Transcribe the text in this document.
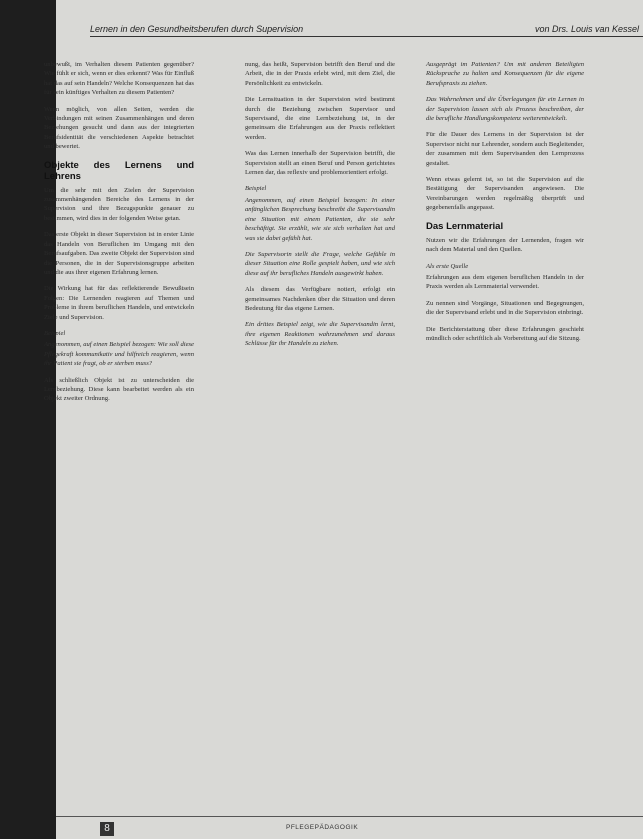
Lernen in den Gesundheitsberufen durch Supervision	von Drs. Louis van Kessel

unbewußt, im Verhalten diesem Patienten gegenüber? Wie fühlt er sich, wenn er dies erkennt? Was für Einfluß hat das auf sein Handeln? Welche Konsequenzen hat das für sein künftiges Verhalten zu diesem Patienten?

Wenn möglich, von allen Seiten, werden die Verbindungen mit seinen Zusammenhängen und deren Beziehungen gesucht und dann aus der integrierten Berufsidentität die verschiedenen Aspekte betrachtet und bewertet.

Objekte des Lernens und Lehrens

Um die sehr mit den Zielen der Supervision zusammenhängenden Bereiche des Lernens in der Supervision und ihre Bezugspunkte genauer zu bestimmen, wird dies in der folgenden Weise getan.

Das erste Objekt in dieser Supervision ist in erster Linie das Handeln von Beruflichen im Umgang mit den Berufsaufgaben. Das zweite Objekt der Supervision sind die Personen, die in der Supervisionsgruppe arbeiten und die aus ihrer eigenen Erfahrung lernen.

Die Wirkung hat für das reflektierende Bewußtsein Folgen: Die Lernenden reagieren auf Themen und Probleme in ihrem beruflichen Handeln, und entwickeln Ziele und Supervision.

Beispiel

Angenommen, auf einen Beispiel bezogen: Wie soll diese Pflegekraft kommunikativ und hilfreich reagieren, wenn ihr Patient sie fragt, ob er sterben muss?

Als schließlich Objekt ist zu unterscheiden die Lernbeziehung. Diese kann bearbeitet werden als ein Objekt zweiter Ordnung.

nung, das heißt, Supervision betrifft den Beruf und die Arbeit, die in der Praxis erlebt wird, mit dem Ziel, die Persönlichkeit zu entwickeln.

Die Lernsituation in der Supervision wird bestimmt durch die Beziehung zwischen Supervisor und Supervisand, die eine Lernbeziehung ist, in der gemeinsam die Erfahrungen aus der Praxis reflektiert werden.

Was das Lernen innerhalb der Supervision betrifft, die Supervision stellt an einen Beruf und Person gerichtetes Lernen dar, das reflexiv und problemorientiert erfolgt.

Beispiel

Angenommen, auf einen Beispiel bezogen: In einer anfänglichen Besprechung beschreibt die Supervisandin eine Situation mit einem Patienten, die sie sehr beschäftigt. Sie erzählt, wie sie sich verhalten hat und was sie dabei gefühlt hat.

Die Supervisorin stellt die Frage, welche Gefühle in dieser Situation eine Rolle gespielt haben, und wie sich diese auf ihr berufliches Handeln ausgewirkt haben.

Als diesem das Verfügbare notiert, erfolgt ein gemeinsames Nachdenken über die Situation und deren Bedeutung für das eigene Lernen.

Ein drittes Beispiel zeigt, wie die Supervisandin lernt, ihre eigenen Reaktionen wahrzunehmen und daraus Schlüsse für ihr Handeln zu ziehen.

Ausgeprägt im Patienten? Um mit anderen Beteiligten Rücksprache zu halten und Konsequenzen für die eigene Berufspraxis zu ziehen.

Das Wahrnehmen und die Überlegungen für ein Lernen in der Supervision lassen sich als Prozess beschreiben, der die berufliche Handlungskompetenz weiterentwickelt.

Für die Dauer des Lernens in der Supervision ist der Supervisor nicht nur Lehrender, sondern auch Begleitender, der zusammen mit dem Supervisanden den Lernprozess gestaltet.

Wenn etwas gelernt ist, so ist die Supervision auf die Bestätigung der Supervisanden angewiesen. Die Vereinbarungen werden regelmäßig überprüft und gegebenenfalls angepasst.

Das Lernmaterial

Nutzen wir die Erfahrungen der Lernenden, fragen wir nach dem Material und den Quellen.

Als erste Quelle

Erfahrungen aus dem eigenen beruflichen Handeln in der Praxis werden als Lernmaterial verwendet.

Zu nennen sind Vorgänge, Situationen und Begegnungen, die der Supervisand erlebt und in die Supervision einbringt.

Die Berichterstattung über diese Erfahrungen geschieht mündlich oder schriftlich als Vorbereitung auf die Sitzung.

8	PFLEGEPÄDAGOGIK
